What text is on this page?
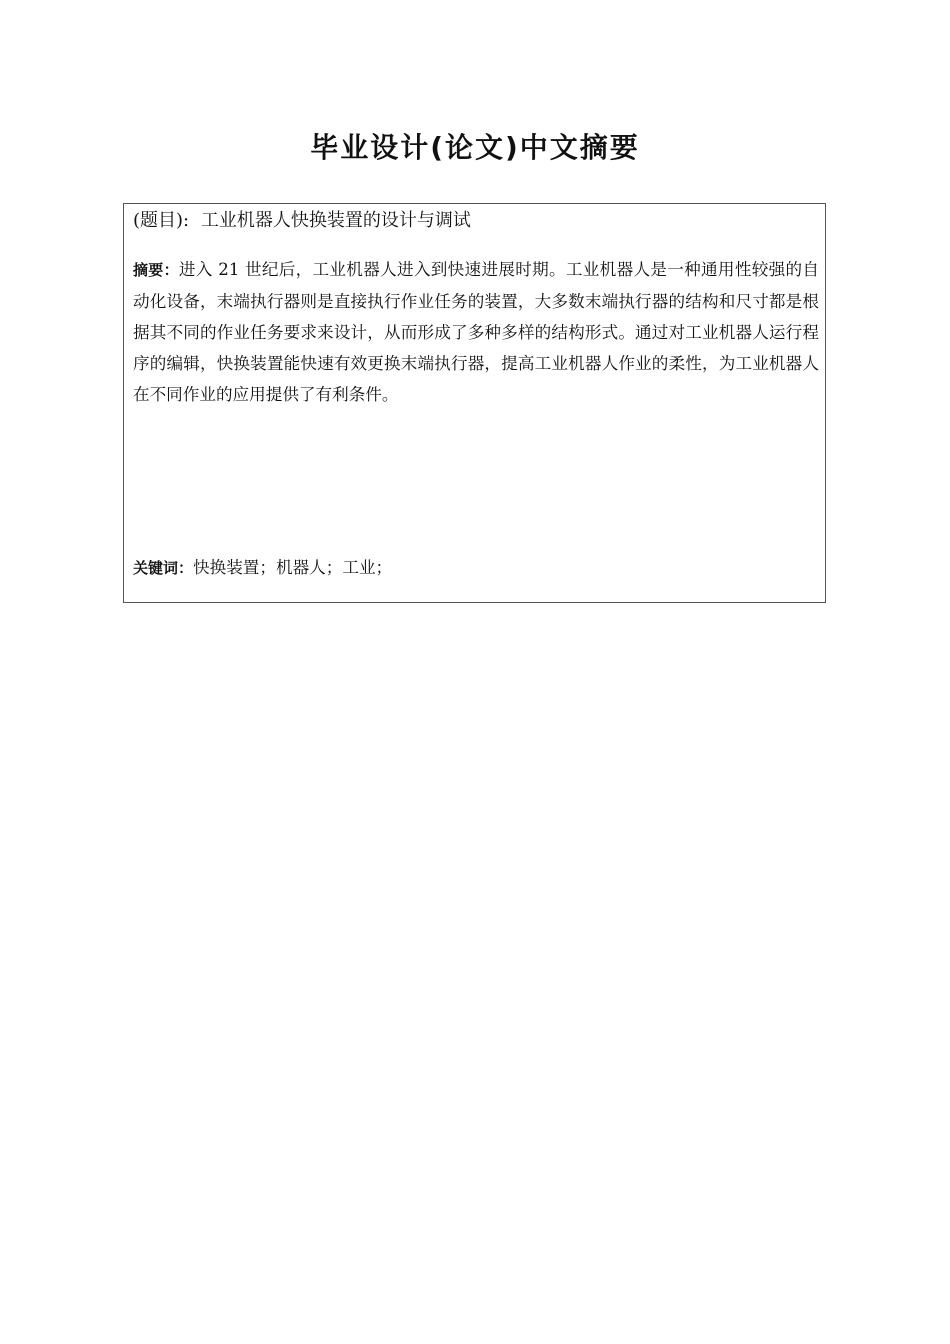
毕业设计(论文)中文摘要
(题目): 工业机器人快换装置的设计与调试
摘要：进入 21 世纪后，工业机器人进入到快速进展时期。工业机器人是一种通用性较强的自动化设备，末端执行器则是直接执行作业任务的装置，大多数末端执行器的结构和尺寸都是根据其不同的作业任务要求来设计，从而形成了多种多样的结构形式。通过对工业机器人运行程序的编辑，快换装置能快速有效更换末端执行器，提高工业机器人作业的柔性，为工业机器人在不同作业的应用提供了有利条件。
关键词：快换装置；机器人；工业；
